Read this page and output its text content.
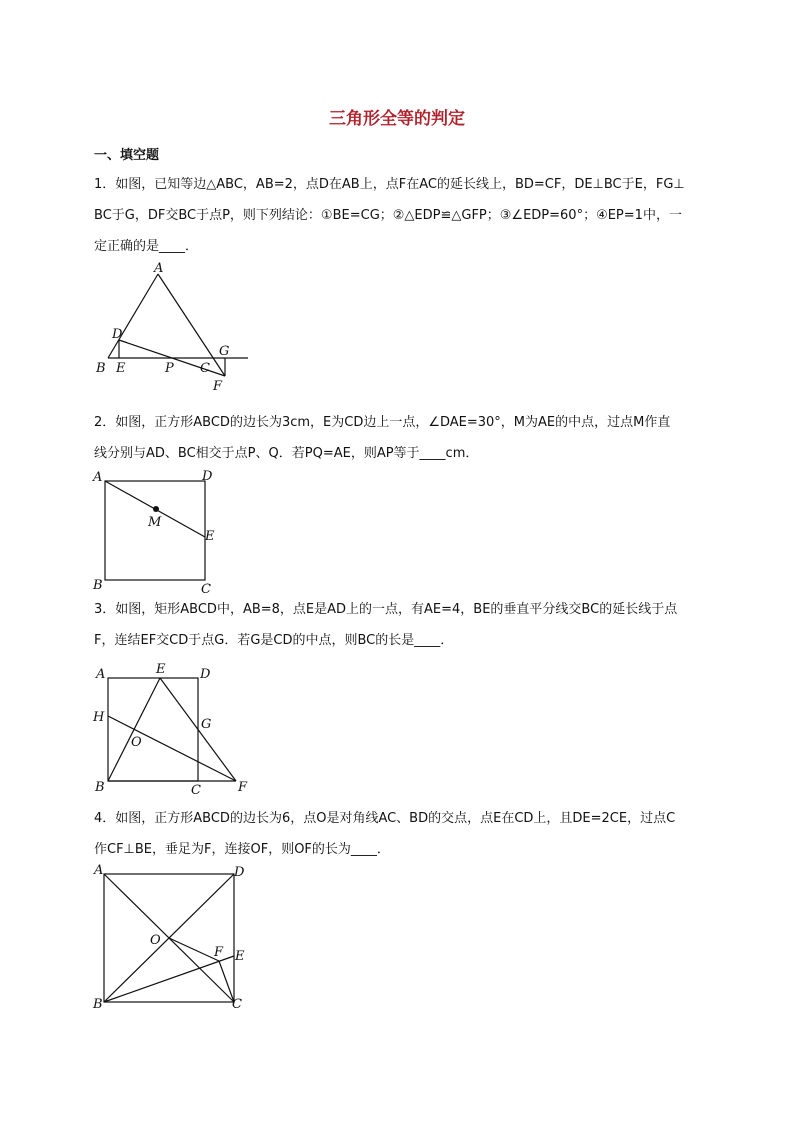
三角形全等的判定
一、填空题

1．如图，已知等边△ABC，AB=2，点D在AB上，点F在AC的延长线上，BD=CF，DE⊥BC于E，FG⊥

BC于G，DF交BC于点P，则下列结论：①BE=CG；②△EDP≌△GFP；③∠EDP=60°；④EP=1中，一

定正确的是____．

A
D
B E	P C
G
F

2．如图，正方形ABCD的边长为3cm，E为CD边上一点，∠DAE=30°，M为AE的中点，过点M作直

线分别与AD、BC相交于点P、Q．若PQ=AE，则AP等于____cm．

A	D
M
E
B	C

3．如图，矩形ABCD中，AB=8，点E是AD上的一点，有AE=4，BE的垂直平分线交BC的延长线于点

F，连结EF交CD于点G．若G是CD的中点，则BC的长是____．

A	E	D
H	G
O
B	C	F

4．如图，正方形ABCD的边长为6，点O是对角线AC、BD的交点，点E在CD上，且DE=2CE，过点C

作CF⊥BE，垂足为F，连接OF，则OF的长为____．

A	D
O
F E
B	C
